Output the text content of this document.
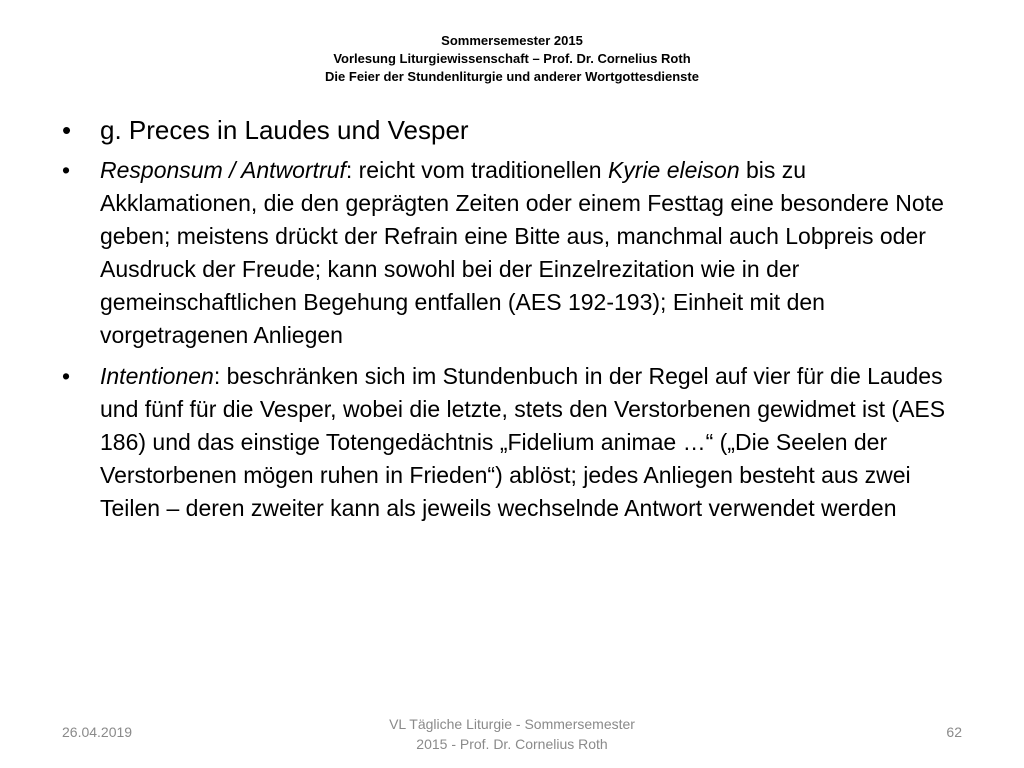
Sommersemester 2015
Vorlesung Liturgiewissenschaft – Prof. Dr. Cornelius Roth
Die Feier der Stundenliturgie und anderer Wortgottesdienste
•	g. Preces in Laudes und Vesper
•	Responsum / Antwortruf: reicht vom traditionellen Kyrie eleison bis zu Akklamationen, die den geprägten Zeiten oder einem Festtag eine besondere Note geben; meistens drückt der Refrain eine Bitte aus, manchmal auch Lobpreis oder Ausdruck der Freude; kann sowohl bei der Einzelrezitation wie in der gemeinschaftlichen Begehung entfallen (AES 192-193); Einheit mit den vorgetragenen Anliegen
•	Intentionen: beschränken sich im Stundenbuch in der Regel auf vier für die Laudes und fünf für die Vesper, wobei die letzte, stets den Verstorbenen gewidmet ist (AES 186) und das einstige Totengedächtnis „Fidelium animae …“ („Die Seelen der Verstorbenen mögen ruhen in Frieden“) ablöst; jedes Anliegen besteht aus zwei Teilen – deren zweiter kann als jeweils wechselnde Antwort verwendet werden
26.04.2019	VL Tägliche Liturgie - Sommersemester
2015 - Prof. Dr. Cornelius Roth
62
